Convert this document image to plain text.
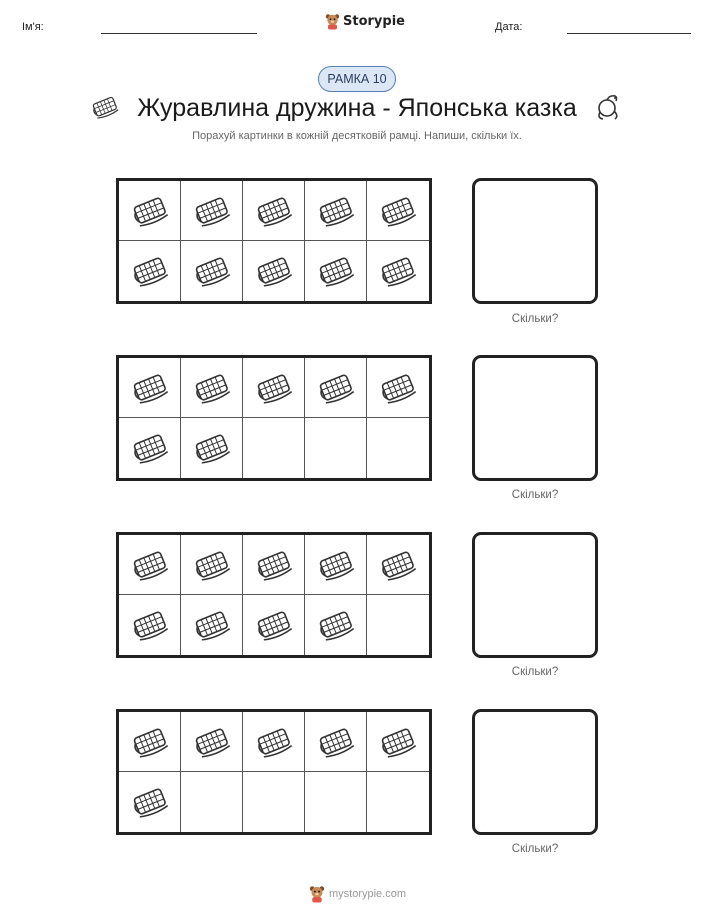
Ім'я:	Storypie	Дата:
РАМКА 10
Журавлина дружина - Японська казка
Порахуй картинки в кожній десятковій рамці. Напиши, скільки їх.
Скільки?
Скільки?
Скільки?
Скільки?
mystorypie.com
